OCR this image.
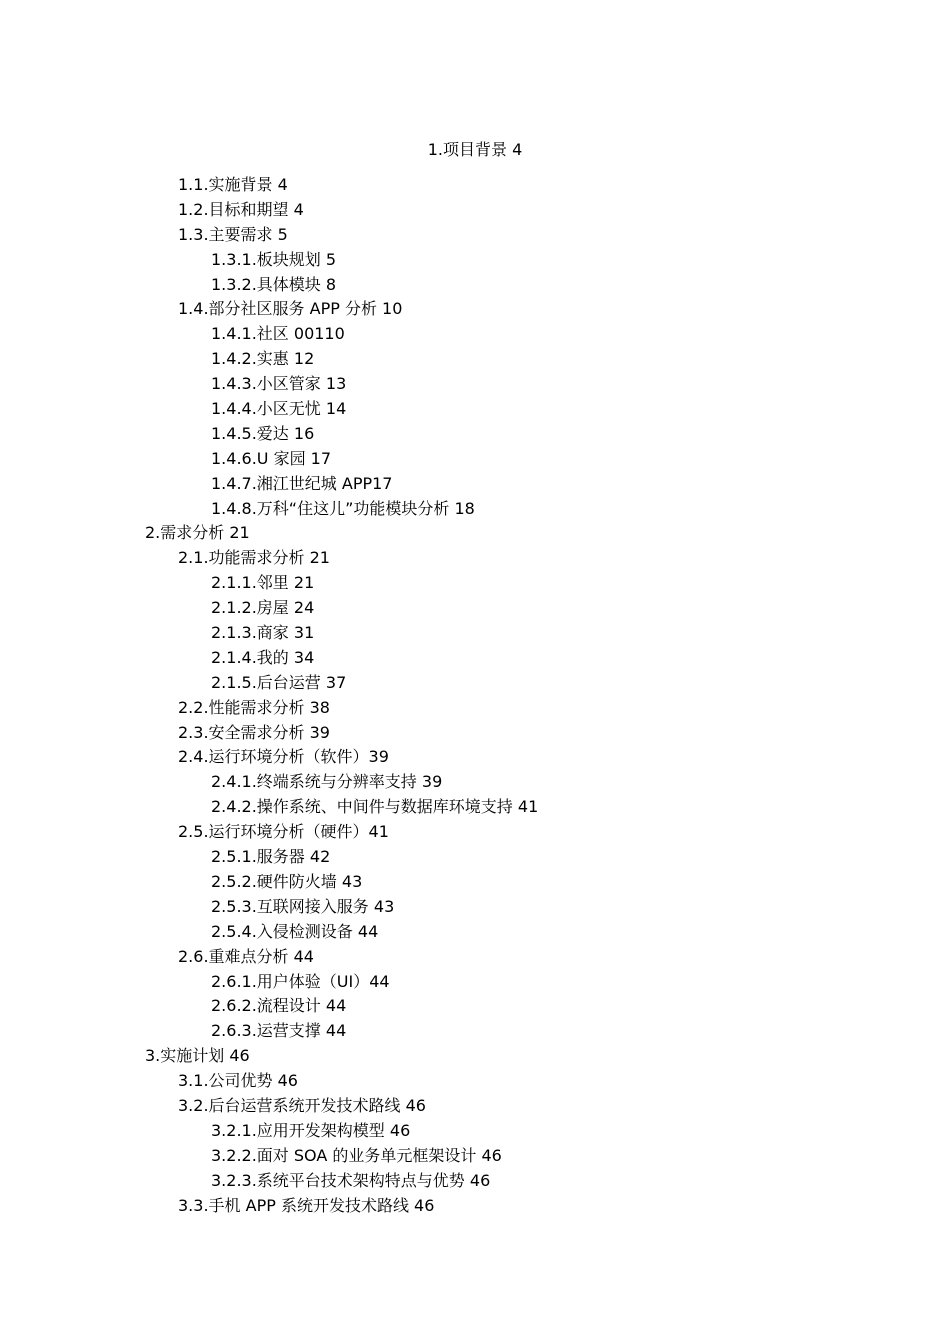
1.项目背景 4
1.1.实施背景 4
1.2.目标和期望 4
1.3.主要需求 5
1.3.1.板块规划 5
1.3.2.具体模块 8
1.4.部分社区服务 APP 分析 10
1.4.1.社区 00110
1.4.2.实惠 12
1.4.3.小区管家 13
1.4.4.小区无忧 14
1.4.5.爱达 16
1.4.6.U 家园 17
1.4.7.湘江世纪城 APP17
1.4.8.万科“住这儿”功能模块分析 18
2.需求分析 21
2.1.功能需求分析 21
2.1.1.邻里 21
2.1.2.房屋 24
2.1.3.商家 31
2.1.4.我的 34
2.1.5.后台运营 37
2.2.性能需求分析 38
2.3.安全需求分析 39
2.4.运行环境分析（软件）39
2.4.1.终端系统与分辨率支持 39
2.4.2.操作系统、中间件与数据库环境支持 41
2.5.运行环境分析（硬件）41
2.5.1.服务器 42
2.5.2.硬件防火墙 43
2.5.3.互联网接入服务 43
2.5.4.入侵检测设备 44
2.6.重难点分析 44
2.6.1.用户体验（UI）44
2.6.2.流程设计 44
2.6.3.运营支撑 44
3.实施计划 46
3.1.公司优势 46
3.2.后台运营系统开发技术路线 46
3.2.1.应用开发架构模型 46
3.2.2.面对 SOA 的业务单元框架设计 46
3.2.3.系统平台技术架构特点与优势 46
3.3.手机 APP 系统开发技术路线 46
